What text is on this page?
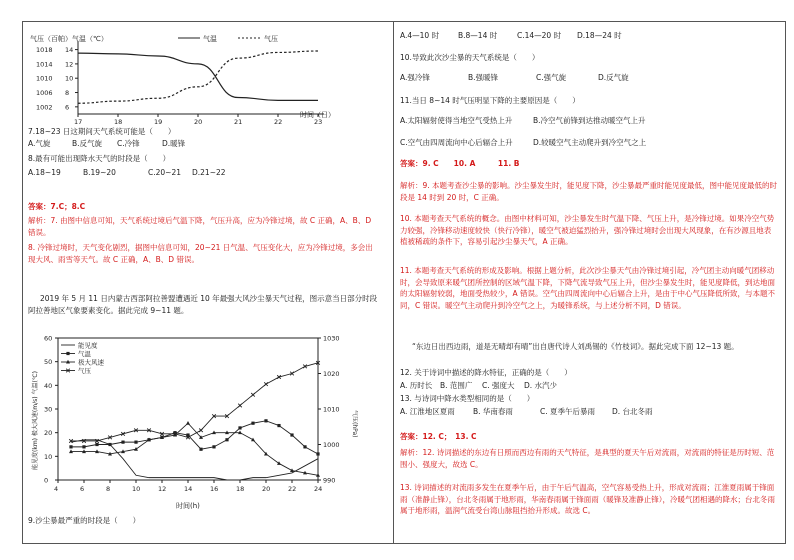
气压（百帕）气温（℃）	气温	气压
14
1018
12
1014
10
1010
8
1006
6
1002
17	18	19	20	21	22	23
时间（日）
7.18~23 日这期间天气系统可能是（　　）
A.气旋	B.反气旋 C.冷锋	D.暖锋
8.最有可能出现降水天气的时段是（　　）
A.18~19	B.19~20	C.20~21 D.21~22
答案：7.C；8.C
解析：7. 由图中信息可知，天气系统过境后气温下降，气压升高，应为冷锋过境，故 C 正确，A、B、D 错误。
8. 冷锋过境时，天气变化剧烈，据图中信息可知，20~21 日气温、气压变化大，应为冷锋过境，多会出现大风、雨雪等天气。故 C 正确，A、B、D 错误。
2019 年 5 月 11 日内蒙古西部阿拉善盟遭遇近 10 年最强大风沙尘暴天气过程，图示意当日部分时段阿拉善地区气象要素变化。据此完成 9~11 题。
60
50
40
30
20
10
0
1030
1020
1010
1000
990
4	6	8	10	12	14	16	18	20	22	24
能见度
气温
极大风速
气压
能见度(km) 极大风速(m/s) 气温(℃)	气压(hPa)
时间(h)
9.沙尘暴最严重的时段是（　　）
A.4—10 时	B.8—14 时	C.14—20 时 D.18—24 时
10.导致此次沙尘暴的天气系统是（　　）
A.强冷锋	B.强暖锋	C.强气旋	D.反气旋
11.当日 8~14 时气压明显下降的主要原因是（　　）
A.太阳辐射使得当地空气受热上升	B.冷空气前锋到达推动暖空气上升
C.空气由四周流向中心后辐合上升	D.较暖空气主动爬升到冷空气之上
答案：9. C　　10. A　　　11. B
解析：9. 本题考查沙尘暴的影响。沙尘暴发生时，能见度下降，沙尘暴最严重时能见度最低，图中能见度最低的时段是 14 时到 20 时，C 正确。
10. 本题考查天气系统的概念。由图中材料可知，沙尘暴发生时气温下降、气压上升，是冷锋过境。如果冷空气势力较强，冷锋移动速度较快（快行冷锋），暖空气被迫猛烈抬升，强冷锋过境时会出现大风现象，在有沙源且地表植被稀疏的条件下，容易引起沙尘暴天气，A 正确。
11. 本题考查天气系统的形成及影响。根据上题分析，此次沙尘暴天气由冷锋过境引起，冷气团主动向暖气团移动时，会导致原来暖气团所控制的区域气温下降，下降气流导致气压上升，但沙尘暴发生时，能见度降低，到达地面的太阳辐射较弱，地面受热较少，A 错误。空气由四周流向中心后辐合上升，是由于中心气压降低所致，与本题不同，C 错误。暖空气主动爬升到冷空气之上，为暖锋系统，与上述分析不同，D 错误。
“东边日出西边雨，道是无晴却有晴”出自唐代诗人刘禹锡的《竹枝词》。据此完成下面 12~13 题。
12. 关于诗词中描述的降水特征，正确的是（　　）
A. 历时长 B. 范围广 C. 强度大 D. 水汽少
13. 与诗词中降水类型相同的是（　　）
A. 江淮地区夏雨 B. 华南春雨	C. 夏季午后暴雨 D. 台北冬雨
答案：12. C；　13. C
解析：12. 诗词描述的东边有日照而西边有雨的天气特征，是典型的夏天午后对流雨，对流雨的特征是历时短、范围小、强度大，故选 C。
13. 诗词描述的对流雨多发生在夏季午后，由于午后气温高，空气容易受热上升，形成对流雨；江淮夏雨属于锋面雨（准静止锋），台北冬雨属于地形雨，华南春雨属于锋面雨（暖锋及准静止锋），冷暖气团相遇的降水；台北冬雨属于地形雨，温润气流受台湾山脉阻挡抬升形成。故选 C。
